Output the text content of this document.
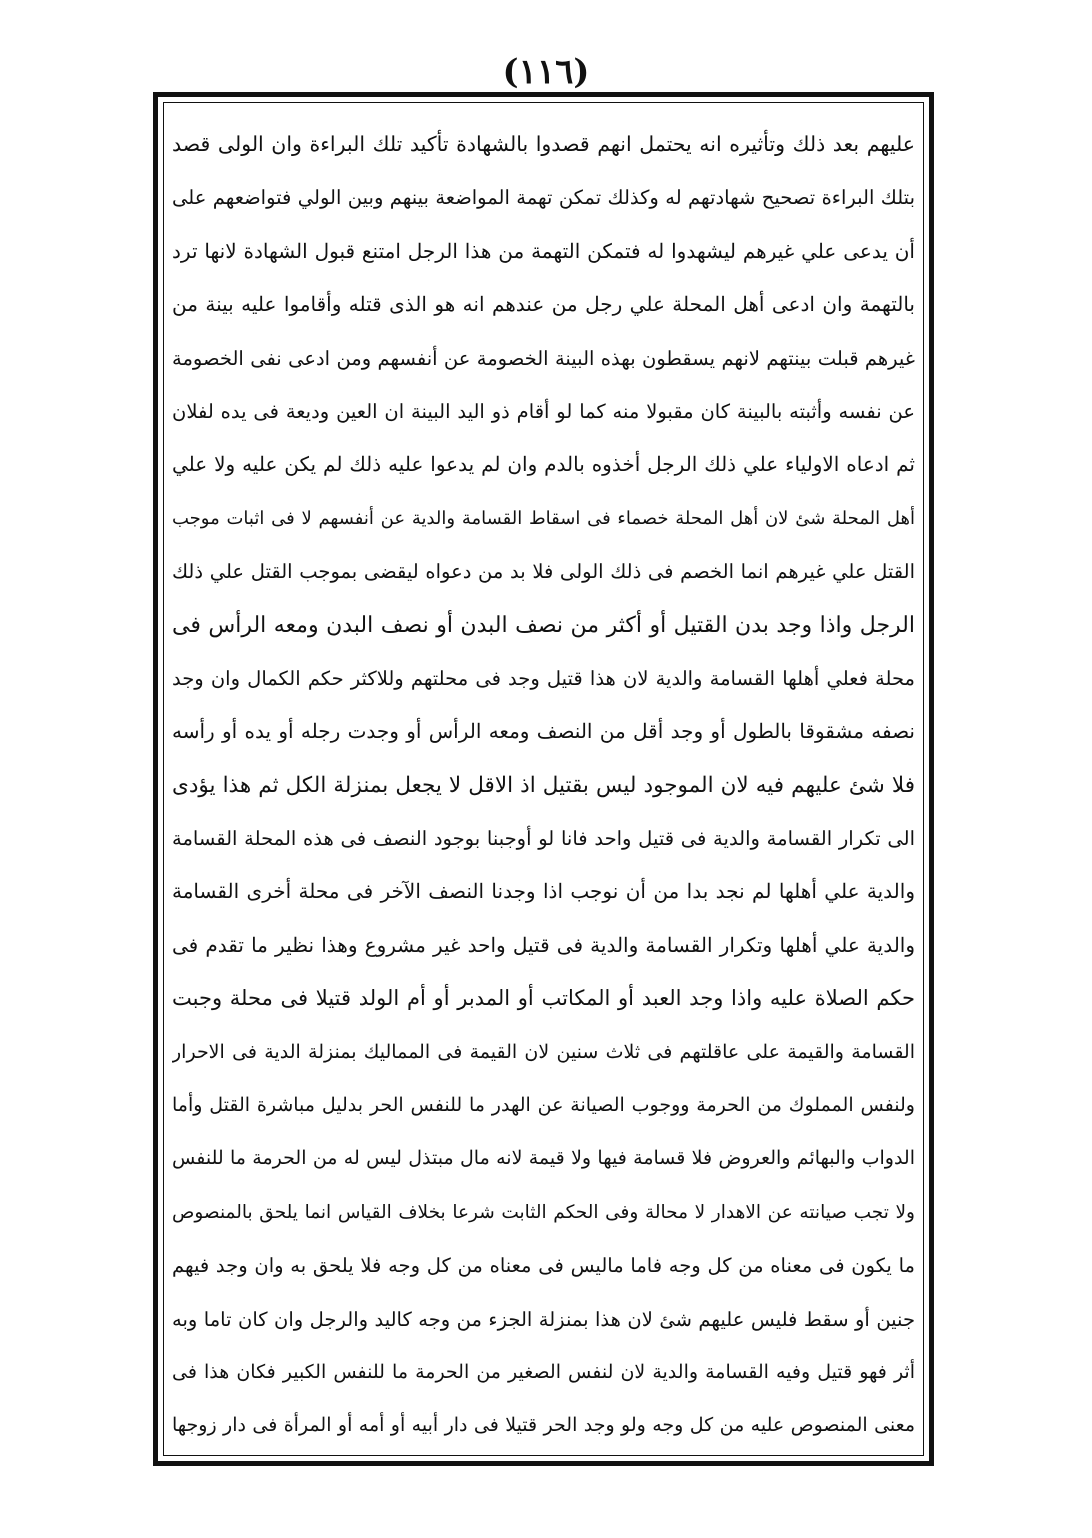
(١١٦)
عليهم بعد ذلك وتأثيره انه يحتمل انهم قصدوا بالشهادة تأكيد تلك البراءة وان الولى قصد
بتلك البراءة تصحيح شهادتهم له وكذلك تمكن تهمة المواضعة بينهم وبين الولي فتواضعهم على
أن يدعى علي غيرهم ليشهدوا له فتمكن التهمة من هذا الرجل امتنع قبول الشهادة لانها ترد
بالتهمة وان ادعى أهل المحلة علي رجل من عندهم انه هو الذى قتله وأقاموا عليه بينة من
غيرهم قبلت بينتهم لانهم يسقطون بهذه البينة الخصومة عن أنفسهم ومن ادعى نفى الخصومة
عن نفسه وأثبته بالبينة كان مقبولا منه كما لو أقام ذو اليد البينة ان العين وديعة فى يده لفلان
ثم ادعاه الاولياء علي ذلك الرجل أخذوه بالدم وان لم يدعوا عليه ذلك لم يكن عليه ولا علي
أهل المحلة شئ لان أهل المحلة خصماء فى اسقاط القسامة والدية عن أنفسهم لا فى اثبات موجب
القتل علي غيرهم انما الخصم فى ذلك الولى فلا بد من دعواه ليقضى بموجب القتل علي ذلك
الرجل واذا وجد بدن القتيل أو أكثر من نصف البدن أو نصف البدن ومعه الرأس فى
محلة فعلي أهلها القسامة والدية لان هذا قتيل وجد فى محلتهم وللاكثر حكم الكمال وان وجد
نصفه مشقوقا بالطول أو وجد أقل من النصف ومعه الرأس أو وجدت رجله أو يده أو رأسه
فلا شئ عليهم فيه لان الموجود ليس بقتيل اذ الاقل لا يجعل بمنزلة الكل ثم هذا يؤدى
الى تكرار القسامة والدية فى قتيل واحد فانا لو أوجبنا بوجود النصف فى هذه المحلة القسامة
والدية علي أهلها لم نجد بدا من أن نوجب اذا وجدنا النصف الآخر فى محلة أخرى القسامة
والدية علي أهلها وتكرار القسامة والدية فى قتيل واحد غير مشروع وهذا نظير ما تقدم فى
حكم الصلاة عليه واذا وجد العبد أو المكاتب أو المدبر أو أم الولد قتيلا فى محلة وجبت
القسامة والقيمة على عاقلتهم فى ثلاث سنين لان القيمة فى المماليك بمنزلة الدية فى الاحرار
ولنفس المملوك من الحرمة ووجوب الصيانة عن الهدر ما للنفس الحر بدليل مباشرة القتل وأما
الدواب والبهائم والعروض فلا قسامة فيها ولا قيمة لانه مال مبتذل ليس له من الحرمة ما للنفس
ولا تجب صيانته عن الاهدار لا محالة وفى الحكم الثابت شرعا بخلاف القياس انما يلحق بالمنصوص
ما يكون فى معناه من كل وجه فاما ماليس فى معناه من كل وجه فلا يلحق به وان وجد فيهم
جنين أو سقط فليس عليهم شئ لان هذا بمنزلة الجزء من وجه كاليد والرجل وان كان تاما وبه
أثر فهو قتيل وفيه القسامة والدية لان لنفس الصغير من الحرمة ما للنفس الكبير فكان هذا فى
معنى المنصوص عليه من كل وجه ولو وجد الحر قتيلا فى دار أبيه أو أمه أو المرأة فى دار زوجها
